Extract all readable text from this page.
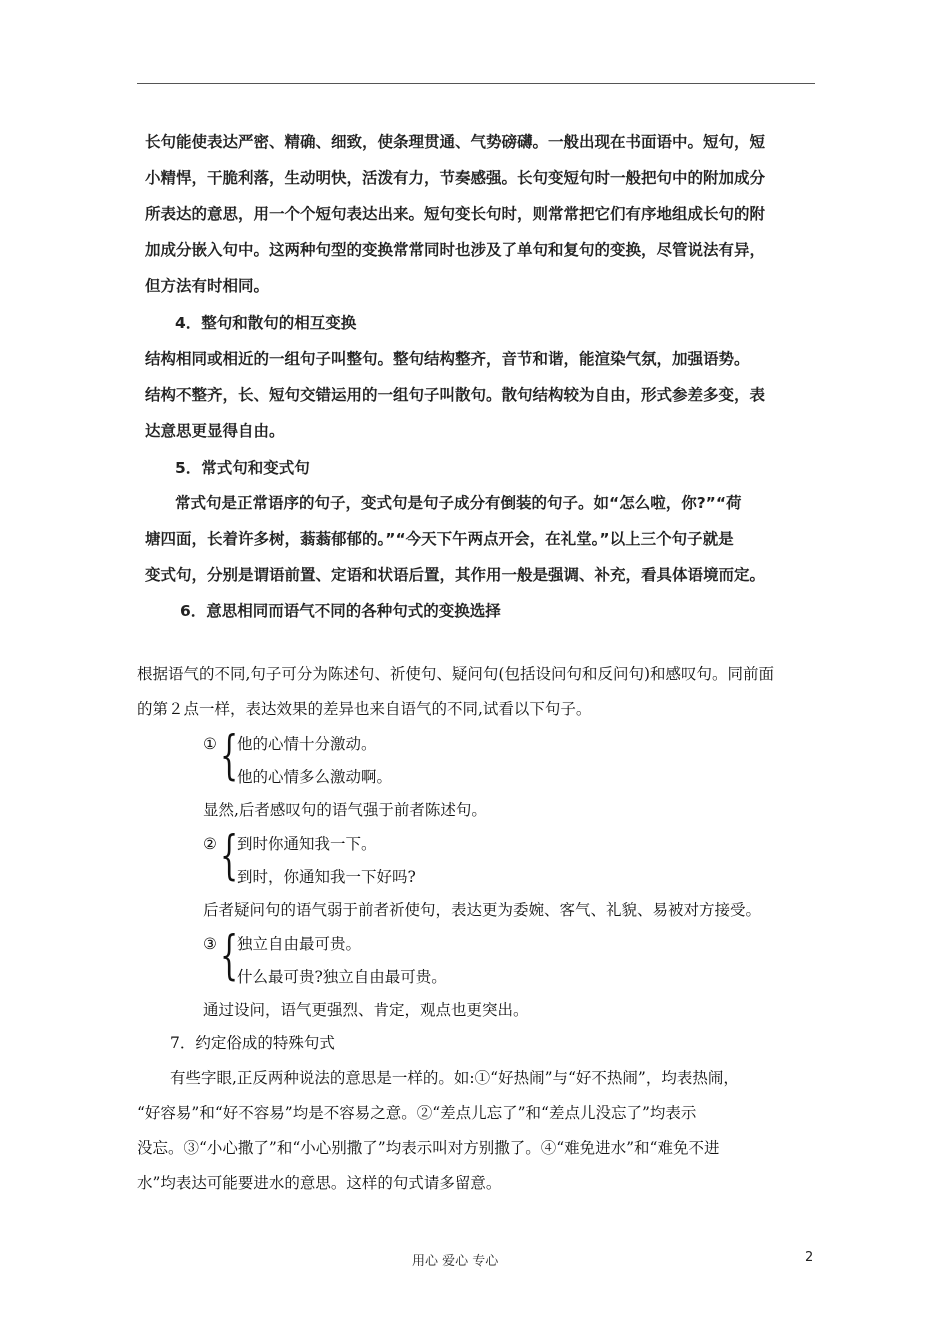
长句能使表达严密、精确、细致，使条理贯通、气势磅礴。一般出现在书面语中。短句，短
小精悍，干脆利落，生动明快，活泼有力，节奏感强。长句变短句时一般把句中的附加成分
所表达的意思，用一个个短句表达出来。短句变长句时，则常常把它们有序地组成长句的附
加成分嵌入句中。这两种句型的变换常常同时也涉及了单句和复句的变换，尽管说法有异，
但方法有时相同。
4．整句和散句的相互变换
结构相同或相近的一组句子叫整句。整句结构整齐，音节和谐，能渲染气氛，加强语势。
结构不整齐，长、短句交错运用的一组句子叫散句。散句结构较为自由，形式参差多变，表
达意思更显得自由。
5．常式句和变式句
常式句是正常语序的句子，变式句是句子成分有倒装的句子。如“怎么啦，你?”“荷
塘四面，长着许多树，蓊蓊郁郁的。”“今天下午两点开会，在礼堂。”以上三个句子就是
变式句，分别是谓语前置、定语和状语后置，其作用一般是强调、补充，看具体语境而定。
6．意思相同而语气不同的各种句式的变换选择
根据语气的不同,句子可分为陈述句、祈使句、疑问句(包括设问句和反问句)和感叹句。同前面
的第２点一样，表达效果的差异也来自语气的不同,试看以下句子。
① {
他的心情十分激动。
他的心情多么激动啊。
显然,后者感叹句的语气强于前者陈述句。
② {
到时你通知我一下。
到时，你通知我一下好吗?
后者疑问句的语气弱于前者祈使句，表达更为委婉、客气、礼貌、易被对方接受。
③ {
独立自由最可贵。
什么最可贵?独立自由最可贵。
通过设问，语气更强烈、肯定，观点也更突出。
7．约定俗成的特殊句式
有些字眼,正反两种说法的意思是一样的。如:①“好热闹”与“好不热闹”，均表热闹，
“好容易”和“好不容易”均是不容易之意。②“差点儿忘了”和“差点儿没忘了”均表示
没忘。③“小心撒了”和“小心别撒了”均表示叫对方别撒了。④“难免进水”和“难免不进
水”均表达可能要进水的意思。这样的句式请多留意。
用心 爱心 专心	2
